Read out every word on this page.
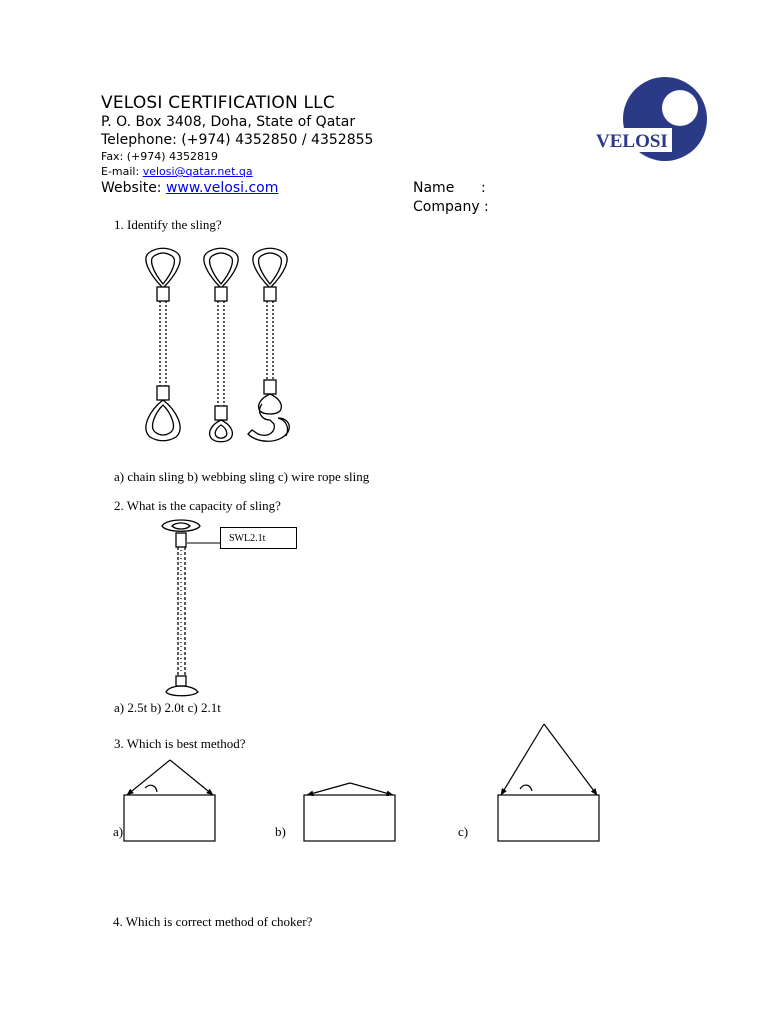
VELOSI CERTIFICATION LLC
P. O. Box 3408, Doha, State of Qatar
Telephone: (+974) 4352850 / 4352855
Fax: (+974) 4352819
E-mail: velosi@qatar.net.qa
Website: www.velosi.com
VELOSI
Name :
Company :
1. Identify the sling?
a) chain sling b) webbing sling c) wire rope sling
2. What is the capacity of sling?
SWL2.1t
a) 2.5t b) 2.0t c) 2.1t
3. Which is best method?
a)	b)	c)
4. Which is correct method of choker?
